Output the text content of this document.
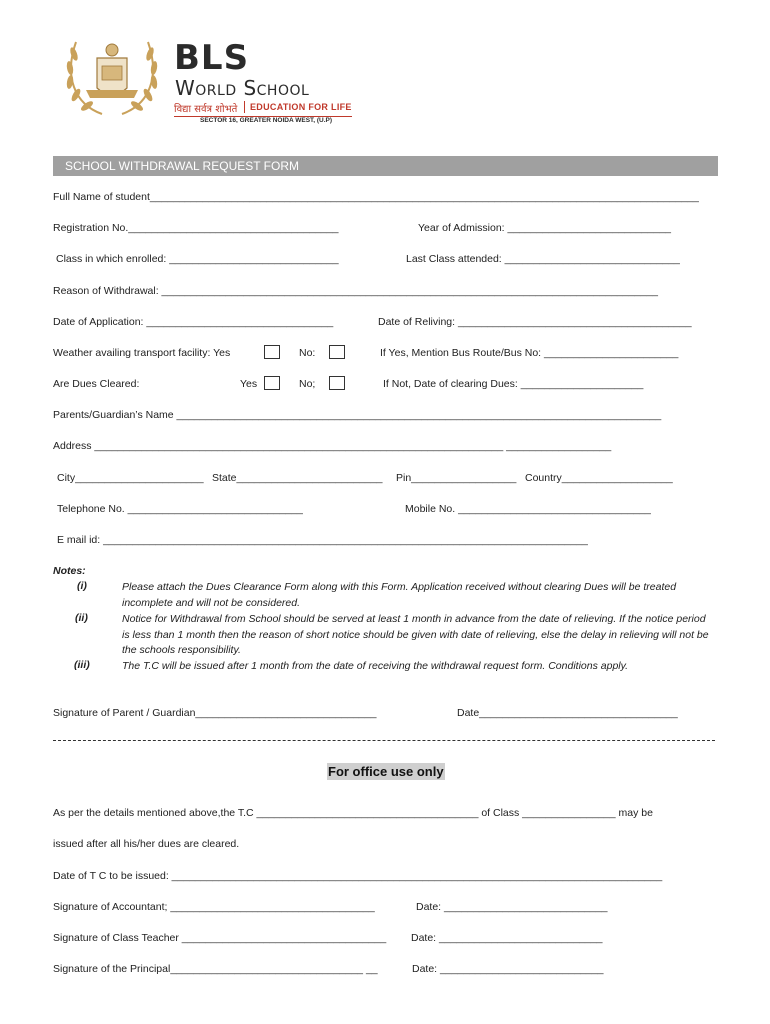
BLS
World School
विद्या सर्वत्र शोभते EDUCATION FOR LIFE
SECTOR 16, GREATER NOIDA WEST, (U.P)
SCHOOL WITHDRAWAL REQUEST FORM
Full Name of student______________________________________________________________________________________________
Registration No.____________________________________	Year of Admission: ____________________________
Class in which enrolled: _____________________________	Last Class attended: ______________________________
Reason of Withdrawal: _____________________________________________________________________________________
Date of Application: ________________________________	Date of Reliving: ________________________________________
Weather availing transport facility: Yes	No:	If Yes, Mention Bus Route/Bus No: _______________________
Are Dues Cleared:	Yes	No;	If Not, Date of clearing Dues: _____________________
Parents/Guardian’s Name ___________________________________________________________________________________
Address ______________________________________________________________________ __________________
City______________________ State_________________________ Pin__________________ Country___________________
Telephone No. ______________________________	Mobile No. _________________________________
E mail id: ___________________________________________________________________________________
Notes:
(i)	Please attach the Dues Clearance Form along with this Form. Application received without clearing Dues will be treated incomplete and will not be considered.
(ii)	Notice for Withdrawal from School should be served at least 1 month in advance from the date of relieving. If the notice period is less than 1 month then the reason of short notice should be given with date of relieving, else the delay in relieving will not be the schools responsibility.
(iii)	The T.C will be issued after 1 month from the date of receiving the withdrawal request form. Conditions apply.
Signature of Parent / Guardian_______________________________	Date__________________________________
For office use only
As per the details mentioned above,the T.C ______________________________________ of Class ________________ may be
issued after all his/her dues are cleared.
Date of T C to be issued: ____________________________________________________________________________________
Signature of Accountant; ___________________________________	Date: ____________________________
Signature of Class Teacher ___________________________________ Date: ____________________________
Signature of the Principal_________________________________ __	Date: ____________________________
